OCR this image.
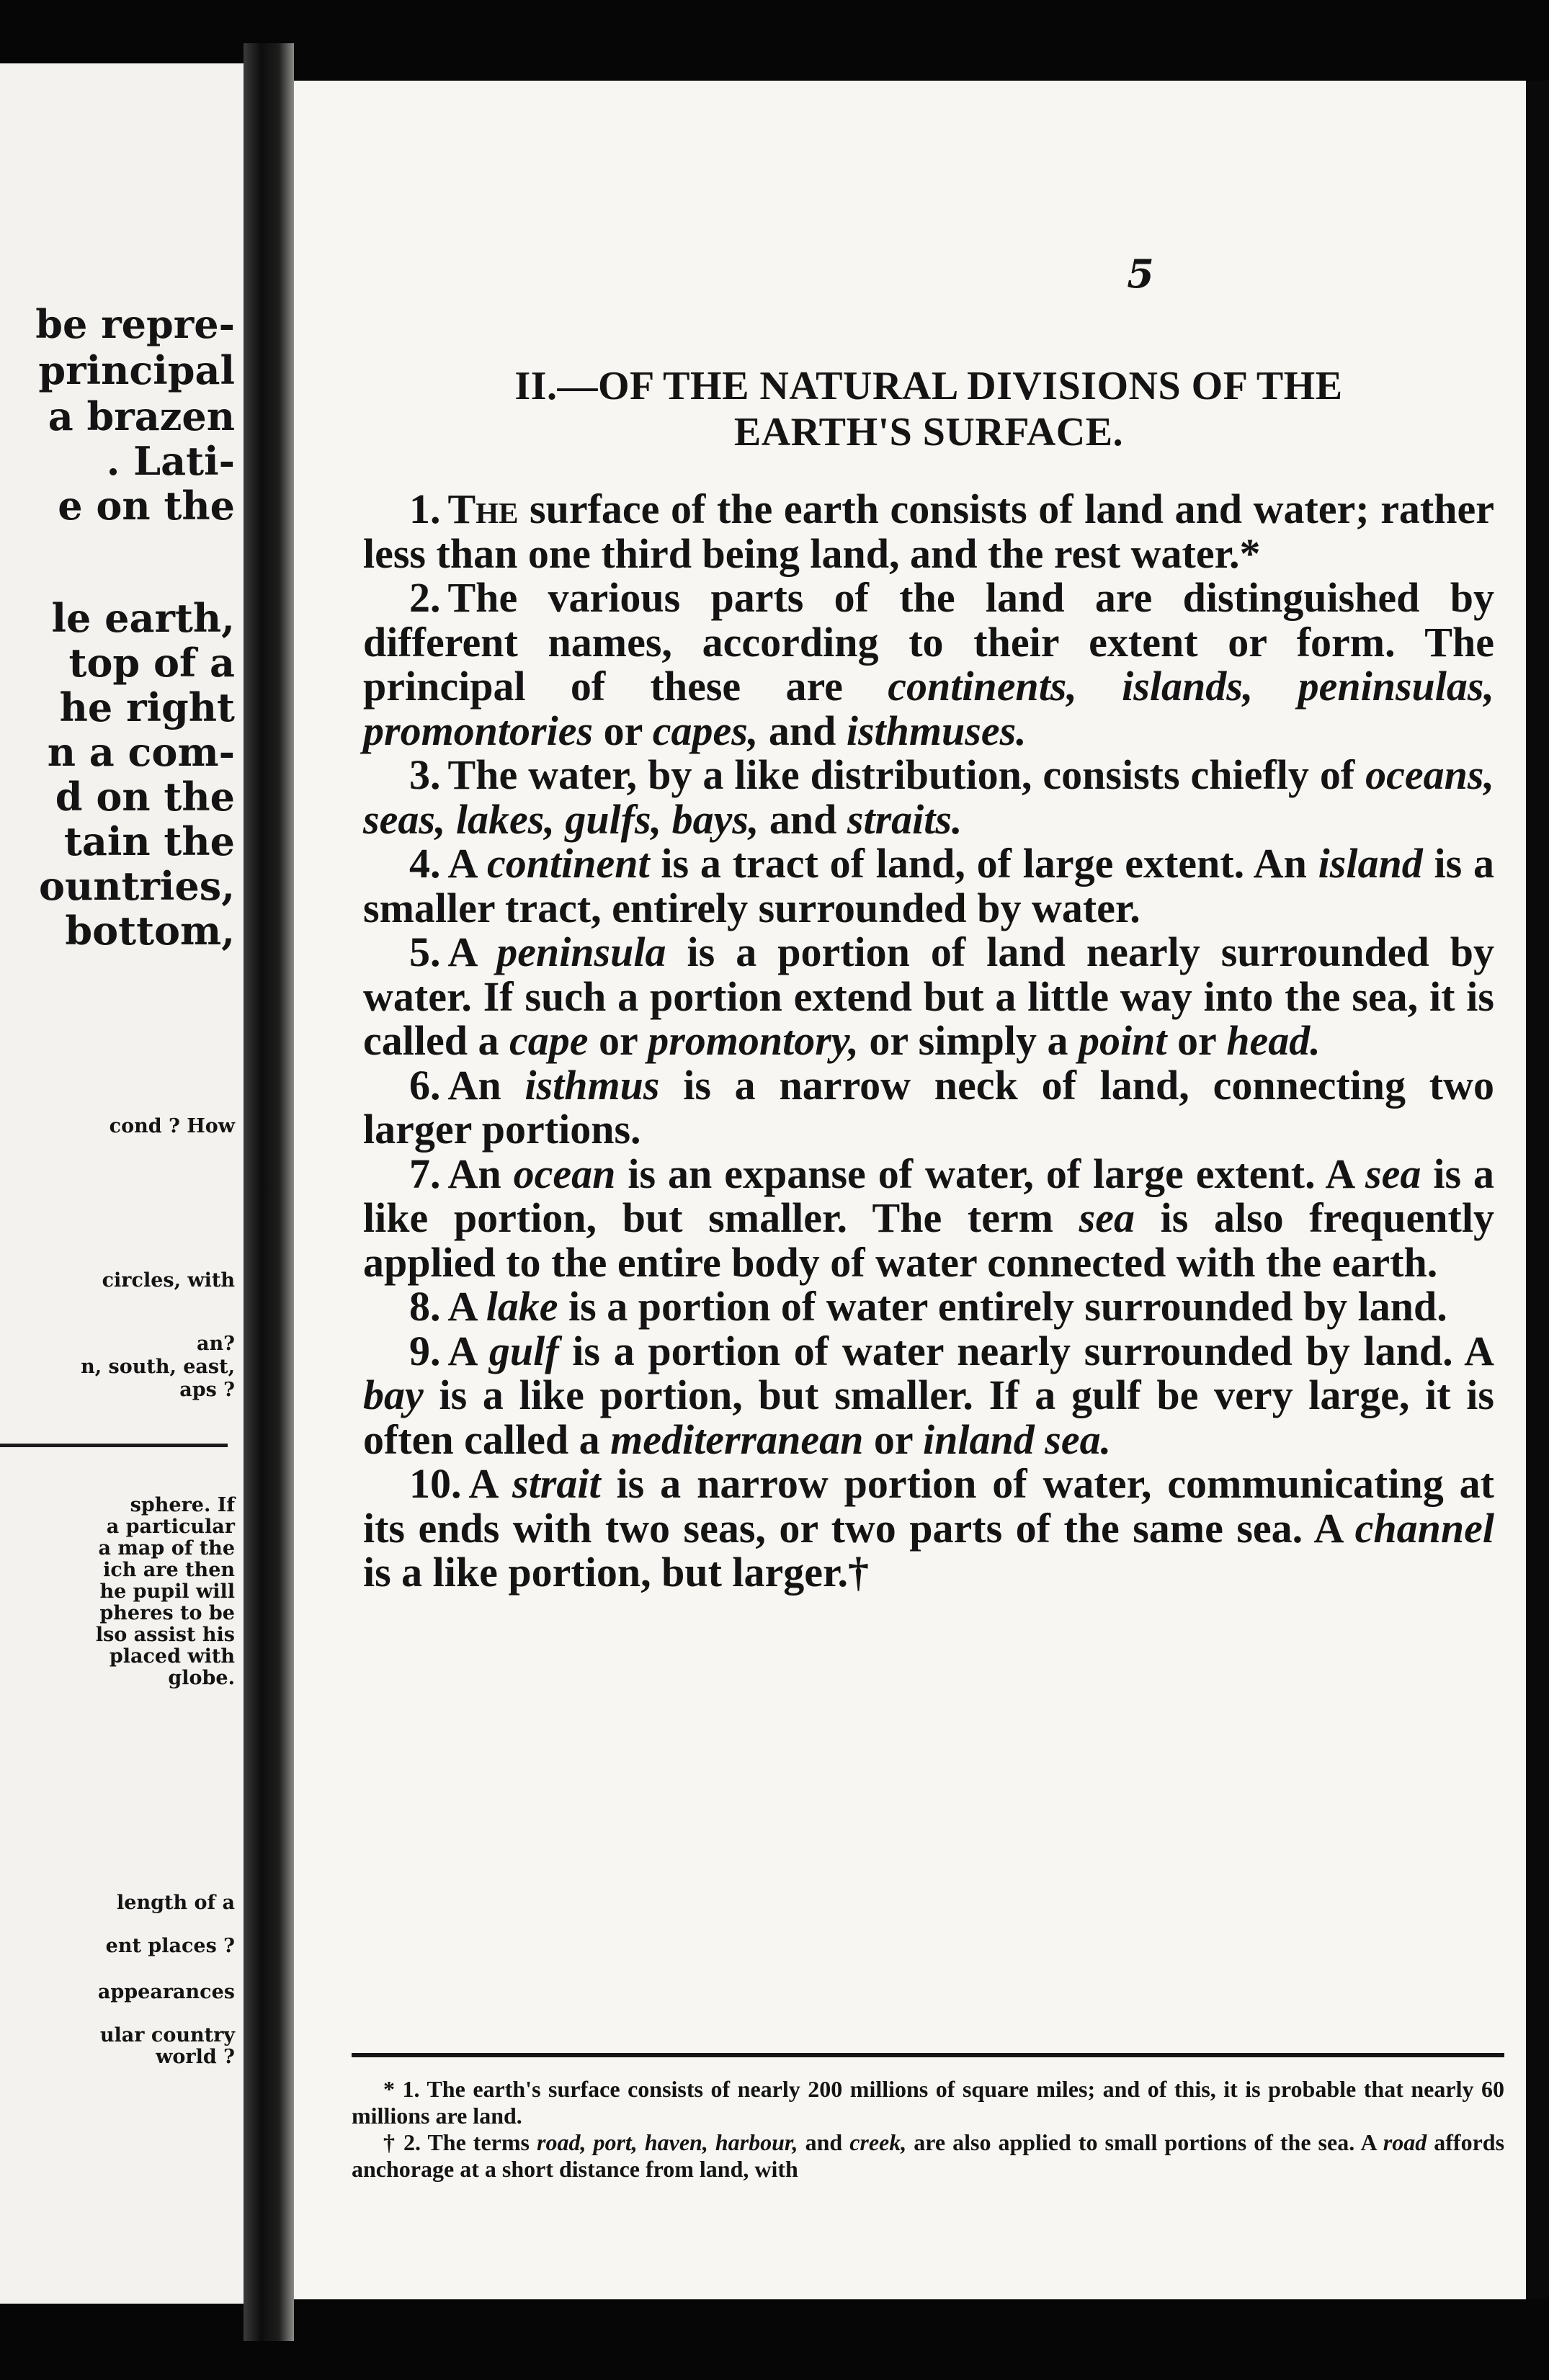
be repre-
principal
a brazen
. Lati-
e on the
le earth,
top of a
he right
n a com-
d on the
tain the
ountries,
bottom,
cond ? How
circles, with
an?
n, south, east,
aps ?
sphere. If
a particular
a map of the
ich are then
he pupil will
pheres to be
lso assist his
placed with
globe.
length of a
ent places ?
appearances
ular country
world ?
5
II.—OF THE NATURAL DIVISIONS OF THE
EARTH'S SURFACE.

1. The surface of the earth consists of land and water; rather less than one third being land, and the rest water.*

2. The various parts of the land are distinguished by different names, according to their extent or form. The principal of these are continents, islands, peninsulas, promontories or capes, and isthmuses.

3. The water, by a like distribution, consists chiefly of oceans, seas, lakes, gulfs, bays, and straits.

4. A continent is a tract of land, of large extent. An island is a smaller tract, entirely surrounded by water.

5. A peninsula is a portion of land nearly surrounded by water. If such a portion extend but a little way into the sea, it is called a cape or promontory, or simply a point or head.

6. An isthmus is a narrow neck of land, connecting two larger portions.

7. An ocean is an expanse of water, of large extent. A sea is a like portion, but smaller. The term sea is also frequently applied to the entire body of water connected with the earth.

8. A lake is a portion of water entirely surrounded by land.

9. A gulf is a portion of water nearly surrounded by land. A bay is a like portion, but smaller. If a gulf be very large, it is often called a mediterranean or inland sea.

10. A strait is a narrow portion of water, communicating at its ends with two seas, or two parts of the same sea. A channel is a like portion, but larger.†

* 1. The earth's surface consists of nearly 200 millions of square miles; and of this, it is probable that nearly 60 millions are land.

† 2. The terms road, port, haven, harbour, and creek, are also applied to small portions of the sea. A road affords anchorage at a short distance from land, with
